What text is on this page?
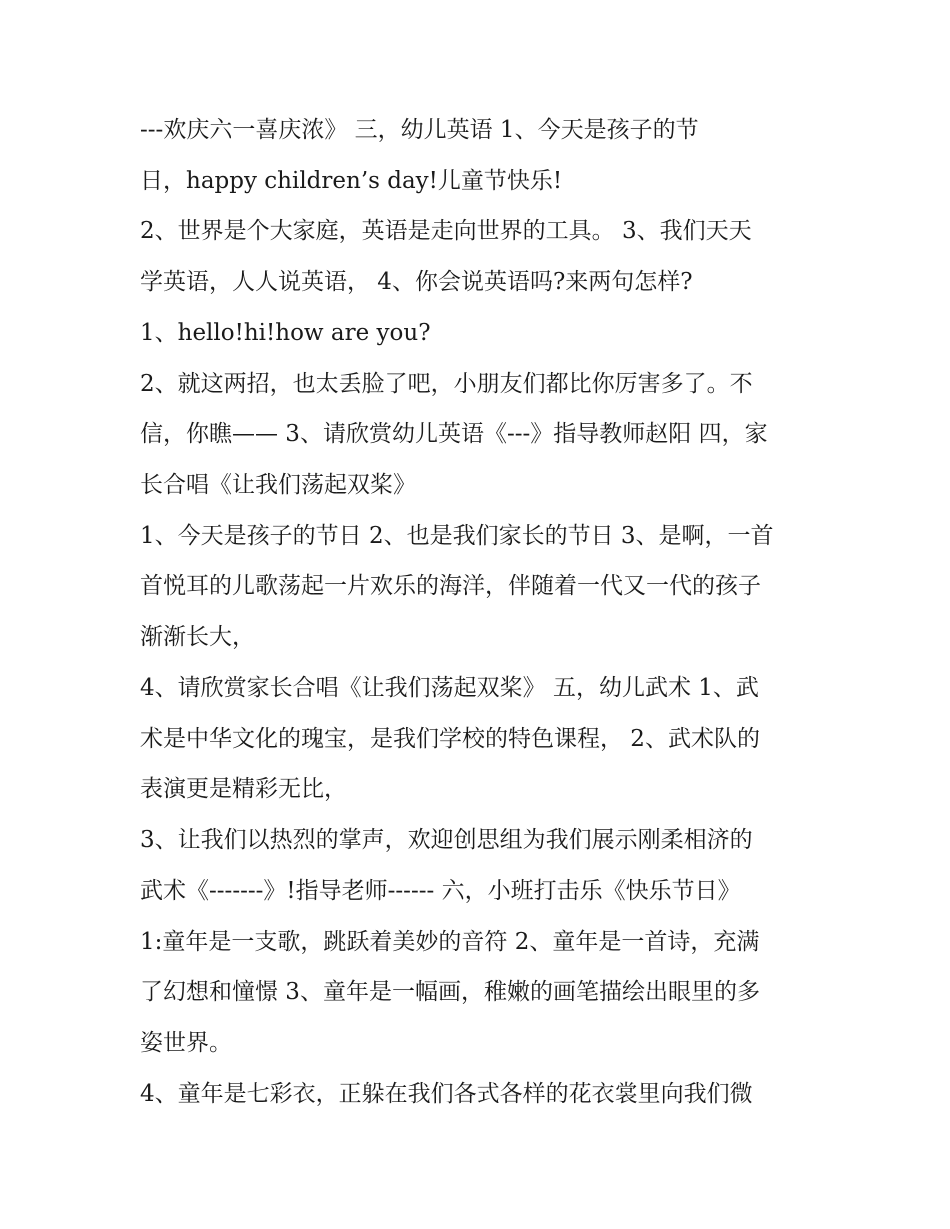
---欢庆六一喜庆浓》 三，幼儿英语 1、今天是孩子的节
日，happy children’s day!儿童节快乐!
2、世界是个大家庭，英语是走向世界的工具。 3、我们天天
学英语，人人说英语， 4、你会说英语吗?来两句怎样?
1、hello!hi!how are you?
2、就这两招，也太丢脸了吧，小朋友们都比你厉害多了。不
信，你瞧—— 3、请欣赏幼儿英语《---》指导教师赵阳 四，家
长合唱《让我们荡起双桨》
1、今天是孩子的节日 2、也是我们家长的节日 3、是啊，一首
首悦耳的儿歌荡起一片欢乐的海洋，伴随着一代又一代的孩子
渐渐长大，
4、请欣赏家长合唱《让我们荡起双桨》 五，幼儿武术 1、武
术是中华文化的瑰宝，是我们学校的特色课程， 2、武术队的
表演更是精彩无比，
3、让我们以热烈的掌声，欢迎创思组为我们展示刚柔相济的
武术《-------》!指导老师------ 六，小班打击乐《快乐节日》
1:童年是一支歌，跳跃着美妙的音符 2、童年是一首诗，充满
了幻想和憧憬 3、童年是一幅画，稚嫩的画笔描绘出眼里的多
姿世界。
4、童年是七彩衣，正躲在我们各式各样的花衣裳里向我们微
